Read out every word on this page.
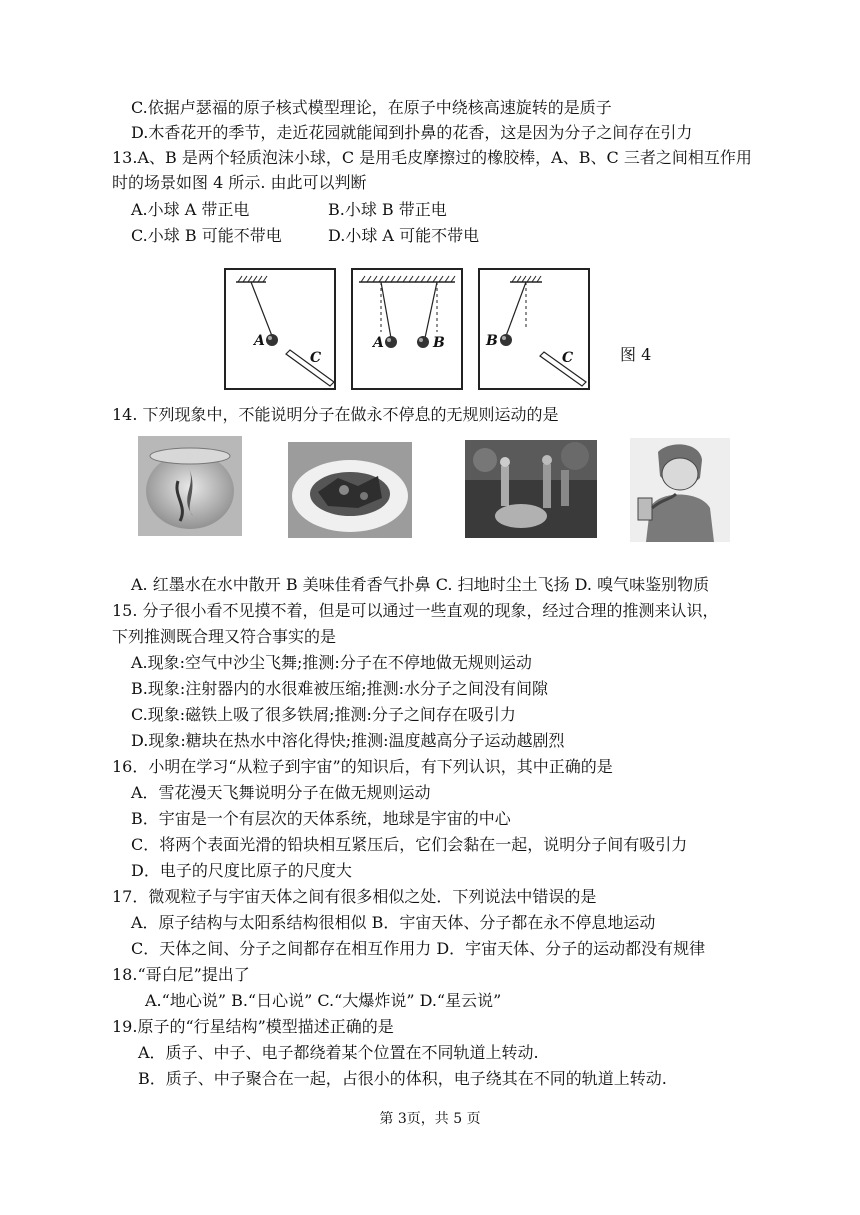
C.依据卢瑟福的原子核式模型理论，在原子中绕核高速旋转的是质子
D.木香花开的季节，走近花园就能闻到扑鼻的花香，这是因为分子之间存在引力
13.A、B 是两个轻质泡沫小球，C 是用毛皮摩擦过的橡胶棒，A、B、C 三者之间相互作用
时的场景如图 4 所示. 由此可以判断
A.小球 A 带正电	B.小球 B 带正电
C.小球 B 可能不带电	D.小球 A 可能不带电
A
C
A	B	B
C	图 4
14. 下列现象中，不能说明分子在做永不停息的无规则运动的是
A. 红墨水在水中散开 B 美味佳肴香气扑鼻 C. 扫地时尘土飞扬 D. 嗅气味鉴别物质
15. 分子很小看不见摸不着，但是可以通过一些直观的现象，经过合理的推测来认识，
下列推测既合理又符合事实的是
A.现象:空气中沙尘飞舞;推测:分子在不停地做无规则运动
B.现象:注射器内的水很难被压缩;推测:水分子之间没有间隙
C.现象:磁铁上吸了很多铁屑;推测:分子之间存在吸引力
D.现象:糖块在热水中溶化得快;推测:温度越高分子运动越剧烈
16．小明在学习“从粒子到宇宙”的知识后，有下列认识，其中正确的是
A．雪花漫天飞舞说明分子在做无规则运动
B．宇宙是一个有层次的天体系统，地球是宇宙的中心
C．将两个表面光滑的铅块相互紧压后，它们会黏在一起，说明分子间有吸引力
D．电子的尺度比原子的尺度大
17．微观粒子与宇宙天体之间有很多相似之处．下列说法中错误的是
A．原子结构与太阳系结构很相似 B．宇宙天体、分子都在永不停息地运动
C．天体之间、分子之间都存在相互作用力 D．宇宙天体、分子的运动都没有规律
18.“哥白尼”提出了
A.“地心说” B.“日心说” C.“大爆炸说” D.“星云说”
19.原子的“行星结构”模型描述正确的是
A．质子、中子、电子都绕着某个位置在不同轨道上转动.
B．质子、中子聚合在一起，占很小的体积，电子绕其在不同的轨道上转动.
第 3页，共 5 页
